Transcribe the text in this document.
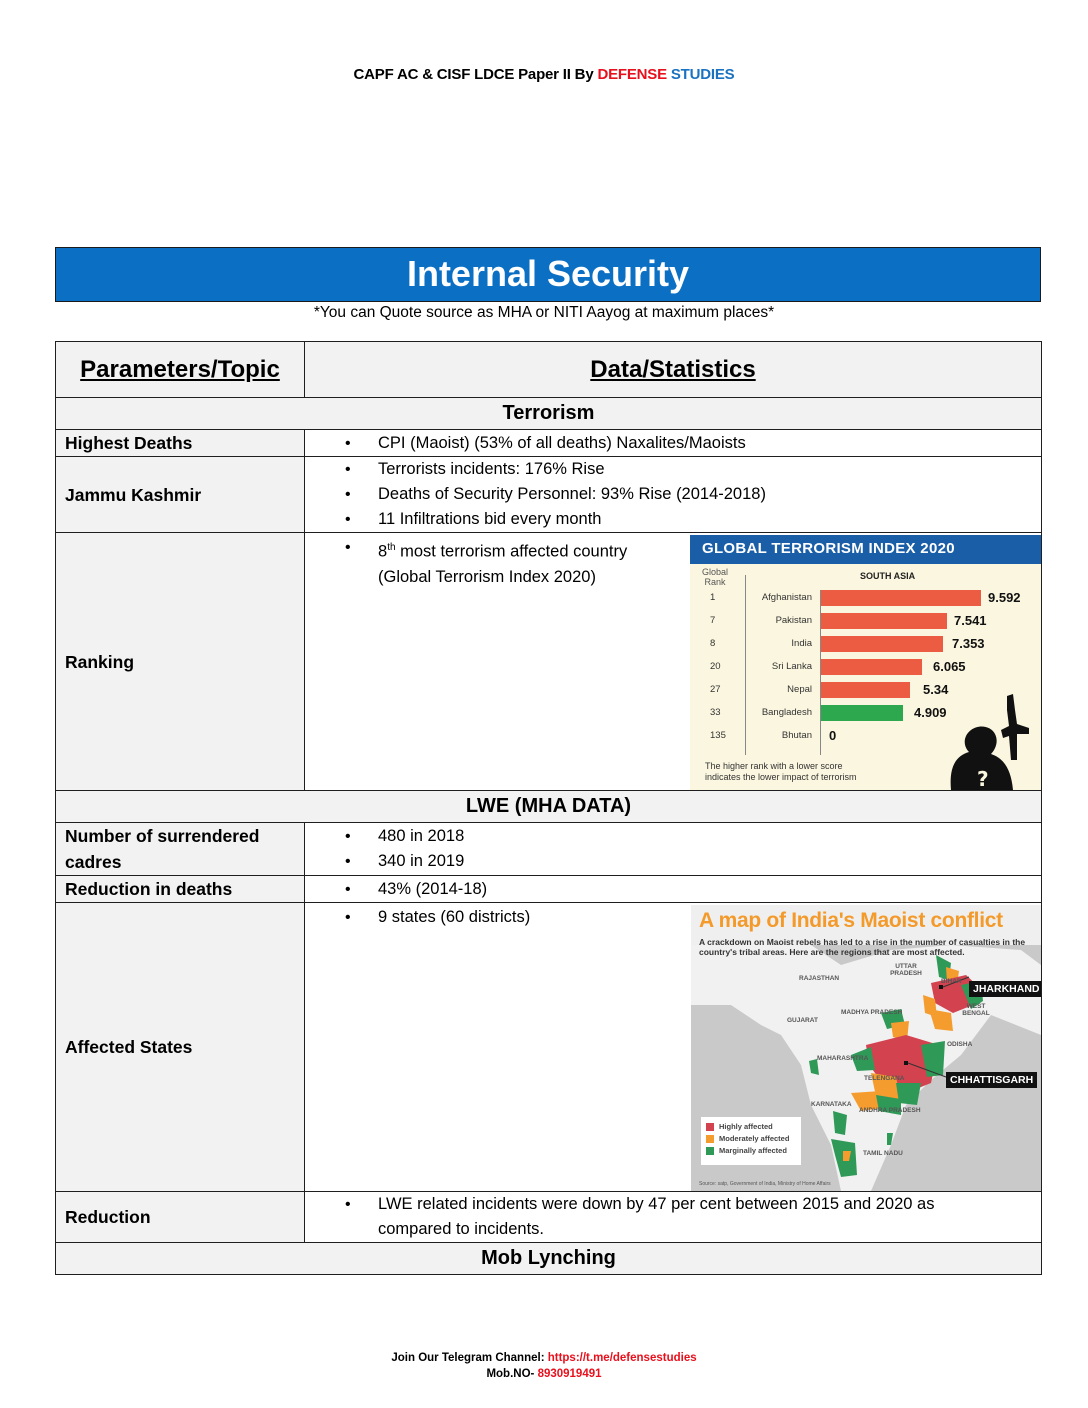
CAPF AC & CISF LDCE Paper II By DEFENSE STUDIES
Internal Security
*You can Quote source as MHA or NITI Aayog at maximum places*
Parameters/Topic	Data/Statistics
Terrorism	
Highest Deaths	
•CPI (Maoist) (53% of all deaths) Naxalites/Maoists

Jammu Kashmir	
• Terrorists incidents: 176% Rise
• Deaths of Security Personnel: 93% Rise (2014-2018)
• 11 Infiltrations bid every month

Ranking	
• 8th most terrorism affected country
(Global Terrorism Index 2020)
GLOBAL TERRORISM INDEX 2020
Global
Rank
SOUTH ASIA
1	Afghanistan	9.592
7	Pakistan	7.541
8	India	7.353
20	Sri Lanka	6.065
27	Nepal	5.34
33	Bangladesh	4.909
135	Bhutan 0
The higher rank with a lower score
indicates the lower impact of terrorism	?

LWE (MHA DATA)	
Number of surrendered cadres	
• 480 in 2018
• 340 in 2019

Reduction in deaths	
•43% (2014-18)

Affected States	
• 9 states (60 districts)	A map of India's Maoist conflict
A crackdown on Maoist rebels has led to a rise in the number of casualties in the country's tribal areas. Here are the regions that are most affected.
UTTAR PRADESH
RAJASTHAN	BIHAR
MADHYA PRADESH
GUJARAT
WEST BENGAL
ODISHA
MAHARASHTRA
TELENGANA
KARNATAKA
ANDHRA PRADESH
TAMIL NADU
JHARKHAND
CHHATTISGARH
Highly affected
Moderately affected
Marginally affected
Source: satp, Government of India, Ministry of Home Affairs

Reduction	
• LWE related incidents were down by 47 per cent between 2015 and 2020 as compared to incidents.

Mob Lynching	
Join Our Telegram Channel: https://t.me/defensestudies
Mob.NO- 8930919491
